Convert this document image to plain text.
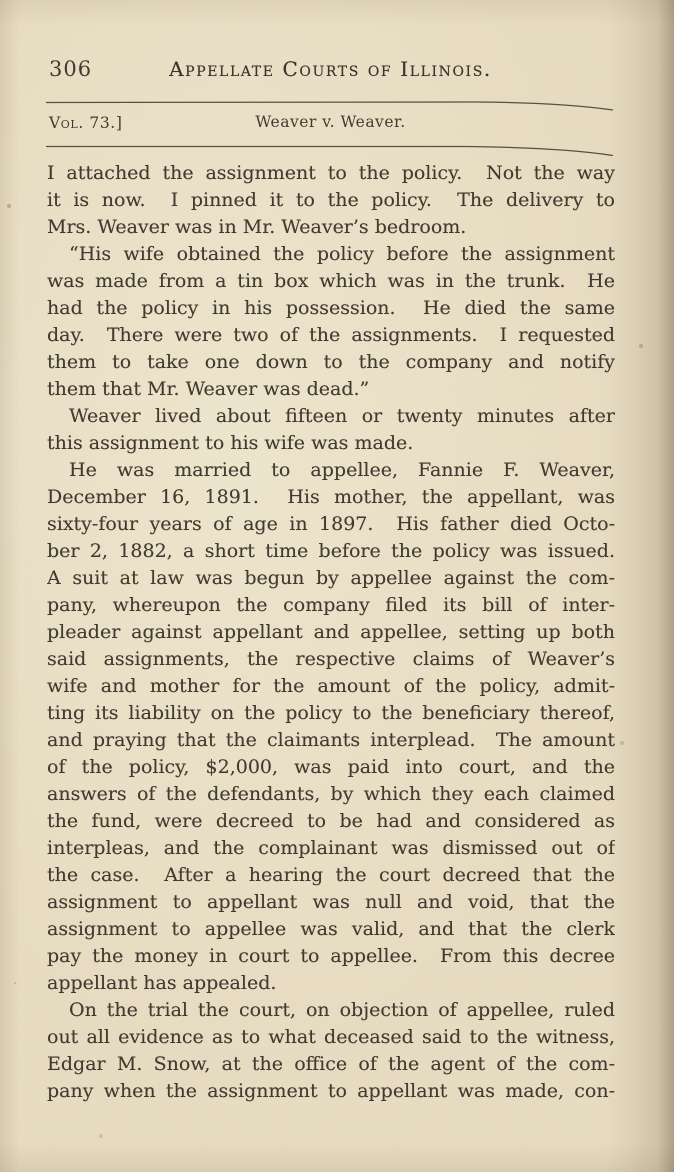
306	Appellate Courts of Illinois.
Vol. 73.]	Weaver v. Weaver.
I attached the assignment to the policy.  Not the way
it is now.  I pinned it to the policy.  The delivery to
Mrs. Weaver was in Mr. Weaver’s bedroom.
“His wife obtained the policy before the assignment
was made from a tin box which was in the trunk.  He
had the policy in his possession.  He died the same
day.  There were two of the assignments.  I requested
them to take one down to the company and notify
them that Mr. Weaver was dead.”
Weaver lived about fifteen or twenty minutes after
this assignment to his wife was made.
He was married to appellee, Fannie F. Weaver,
December 16, 1891.  His mother, the appellant, was
sixty-four years of age in 1897.  His father died Octo-
ber 2, 1882, a short time before the policy was issued.
A suit at law was begun by appellee against the com-
pany, whereupon the company filed its bill of inter-
pleader against appellant and appellee, setting up both
said assignments, the respective claims of Weaver’s
wife and mother for the amount of the policy, admit-
ting its liability on the policy to the beneficiary thereof,
and praying that the claimants interplead.  The amount
of the policy, $2,000, was paid into court, and the
answers of the defendants, by which they each claimed
the fund, were decreed to be had and considered as
interpleas, and the complainant was dismissed out of
the case.  After a hearing the court decreed that the
assignment to appellant was null and void, that the
assignment to appellee was valid, and that the clerk
pay the money in court to appellee.  From this decree
appellant has appealed.
On the trial the court, on objection of appellee, ruled
out all evidence as to what deceased said to the witness,
Edgar M. Snow, at the office of the agent of the com-
pany when the assignment to appellant was made, con-
